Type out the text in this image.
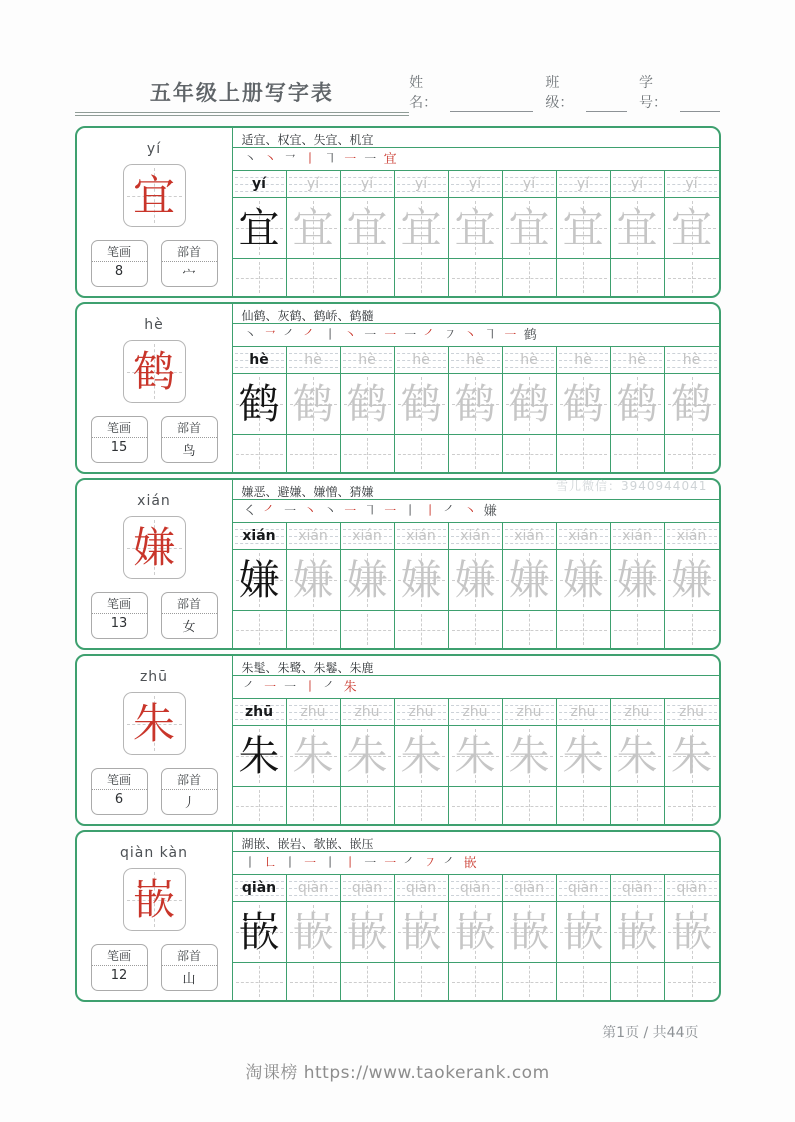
五年级上册写字表	姓名：
班级：
学号：
yí
宜
笔画
8
部首
宀
适宜、权宜、失宜、机宜
㇔ ㇔ ㇖ ㇑ ㇕ ㇐ ㇐ 宜
yí	yí	yí	yí	yí	yí	yí	yí	yí
宜 宜 宜 宜 宜 宜 宜 宜 宜
hè
鹤
笔画
15
部首
鸟
仙鹤、灰鹤、鹤峤、鹤髓
㇔ ㇖ ㇒ ㇒ ㇑ ㇔ ㇐ ㇐ ㇐ ㇒ ㇇ ㇔ ㇕ ㇐ 鹤
hè	hè	hè	hè	hè	hè	hè	hè	hè
鹤 鹤 鹤 鹤 鹤 鹤 鹤 鹤 鹤
xián
嫌
笔画
13
部首
女
嫌恶、避嫌、嫌憎、猜嫌
㇛ ㇒ ㇐ ㇔ ㇔ ㇐ ㇕ ㇐ ㇑ ㇑ ㇒ ㇔ 嫌
xián xián xián xián xián xián xián xián xián
嫌 嫌 嫌 嫌 嫌 嫌 嫌 嫌 嫌
zhū
朱
笔画
6
部首
丿
朱髦、朱鹭、朱鬈、朱鹿
㇒ ㇐ ㇐ ㇑ ㇒ 朱
zhū zhū zhū zhū zhū zhū zhū zhū zhū
朱 朱 朱 朱 朱 朱 朱 朱 朱
qiàn kàn
嵌
笔画
12
部首
山
湖嵌、嵌岩、欹嵌、嵌压
㇑ ㇗ ㇑ ㇐ ㇑ ㇑ ㇐ ㇐ ㇒ ㇇ ㇒ 嵌
qiàn qiàn qiàn qiàn qiàn qiàn qiàn qiàn qiàn
嵌 嵌 嵌 嵌 嵌 嵌 嵌 嵌 嵌
第1页 / 共44页
淘课榜 https://www.taokerank.com
雪儿微信：3940944041
